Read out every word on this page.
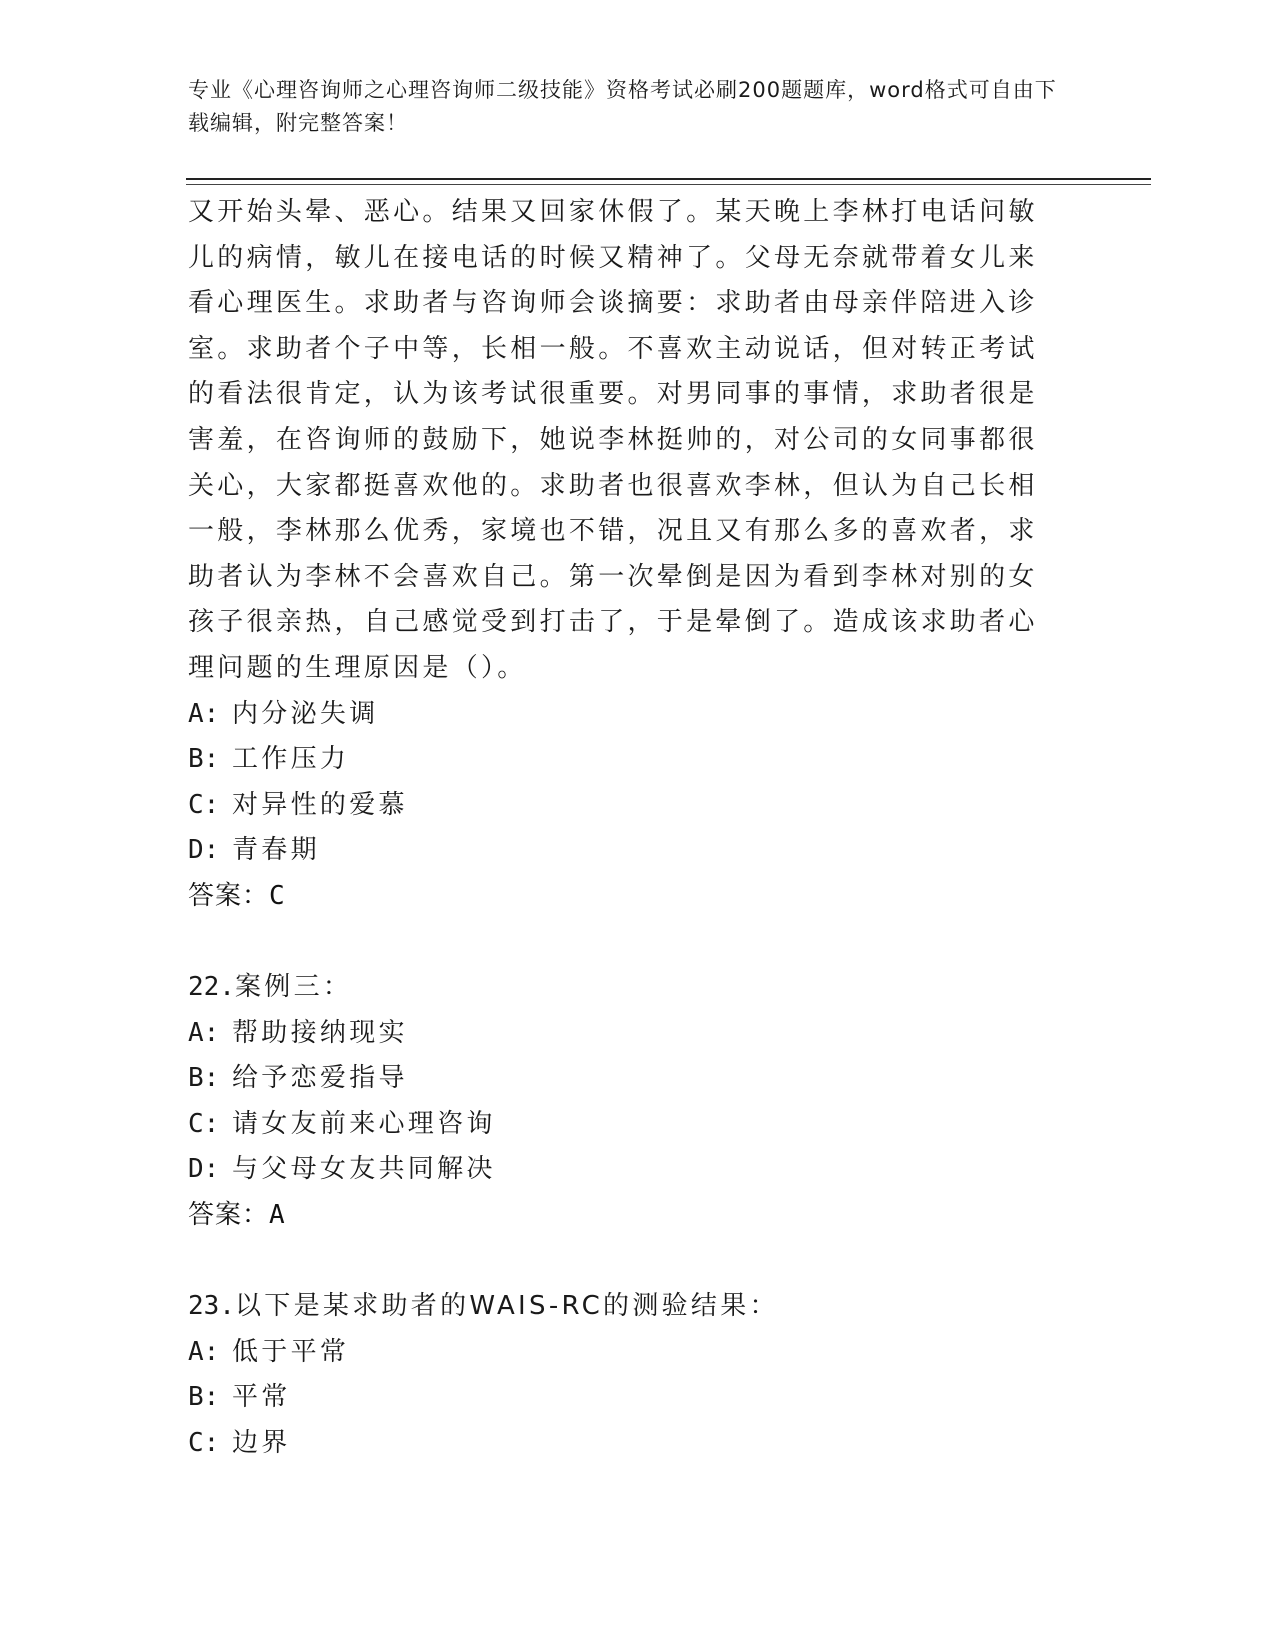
专业《心理咨询师之心理咨询师二级技能》资格考试必刷200题题库，word格式可自由下载编辑，附完整答案！

又开始头晕、恶心。结果又回家休假了。某天晚上李林打电话问敏儿的病情，敏儿在接电话的时候又精神了。父母无奈就带着女儿来看心理医生。求助者与咨询师会谈摘要：求助者由母亲伴陪进入诊室。求助者个子中等，长相一般。不喜欢主动说话，但对转正考试的看法很肯定，认为该考试很重要。对男同事的事情，求助者很是害羞，在咨询师的鼓励下，她说李林挺帅的，对公司的女同事都很关心，大家都挺喜欢他的。求助者也很喜欢李林，但认为自己长相一般，李林那么优秀，家境也不错，况且又有那么多的喜欢者，求助者认为李林不会喜欢自己。第一次晕倒是因为看到李林对别的女孩子很亲热，自己感觉受到打击了，于是晕倒了。造成该求助者心理问题的生理原因是（）。

A: 内分泌失调
B: 工作压力
C: 对异性的爱慕
D: 青春期
答案：C
22.案例三：
A: 帮助接纳现实
B: 给予恋爱指导
C: 请女友前来心理咨询
D: 与父母女友共同解决
答案：A
23.以下是某求助者的WAIS-RC的测验结果：
A: 低于平常
B: 平常
C: 边界
